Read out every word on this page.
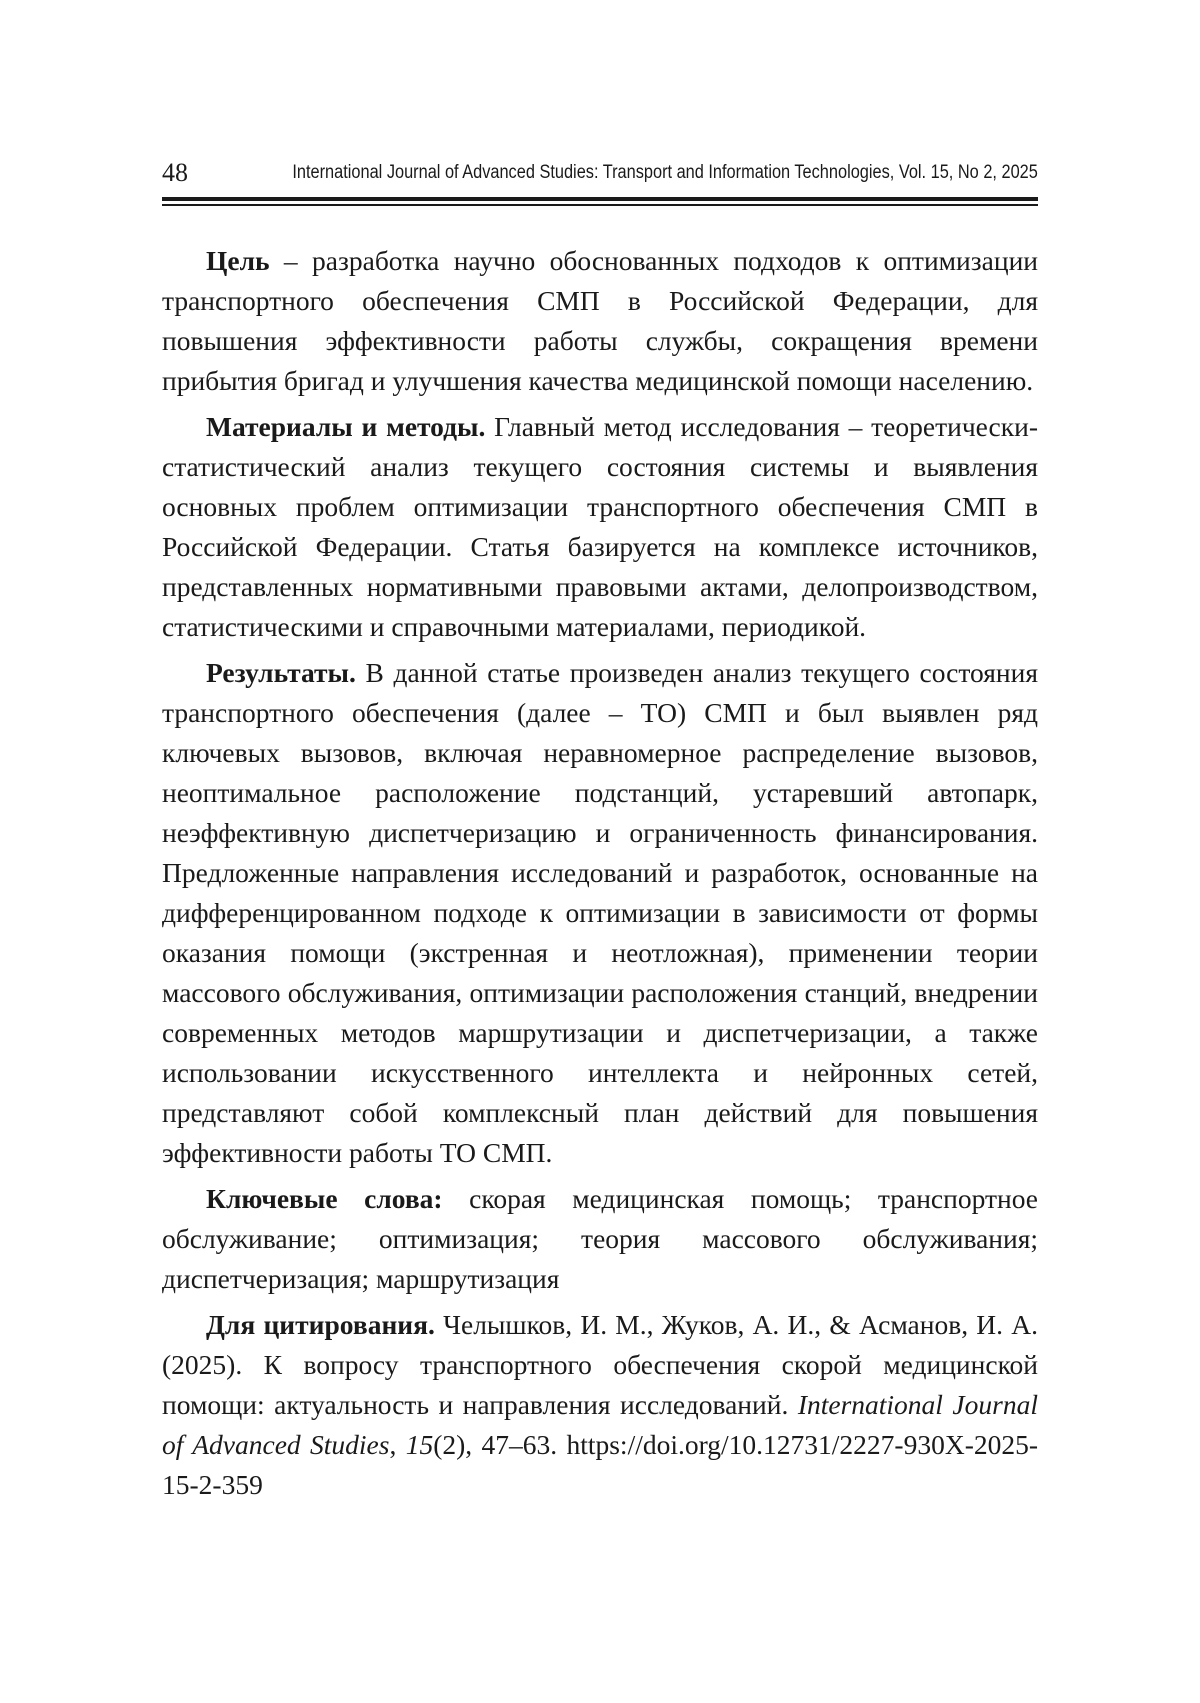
48	International Journal of Advanced Studies: Transport and Information Technologies, Vol. 15, No 2, 2025

Цель – разработка научно обоснованных подходов к оптимизации транспортного обеспечения СМП в Российской Федерации, для повышения эффективности работы службы, сокращения времени прибытия бригад и улучшения качества медицинской помощи населению.

Материалы и методы. Главный метод исследования – теоретически-статистический анализ текущего состояния системы и выявления основных проблем оптимизации транспортного обеспечения СМП в Российской Федерации. Статья базируется на комплексе источников, представленных нормативными правовыми актами, делопроизводством, статистическими и справочными материалами, периодикой.

Результаты. В данной статье произведен анализ текущего состояния транспортного обеспечения (далее – ТО) СМП и был выявлен ряд ключевых вызовов, включая неравномерное распределение вызовов, неоптимальное расположение подстанций, устаревший автопарк, неэффективную диспетчеризацию и ограниченность финансирования. Предложенные направления исследований и разработок, основанные на дифференцированном подходе к оптимизации в зависимости от формы оказания помощи (экстренная и неотложная), применении теории массового обслуживания, оптимизации расположения станций, внедрении современных методов маршрутизации и диспетчеризации, а также использовании искусственного интеллекта и нейронных сетей, представляют собой комплексный план действий для повышения эффективности работы ТО СМП.

Ключевые слова: скорая медицинская помощь; транспортное обслуживание; оптимизация; теория массового обслуживания; диспетчеризация; маршрутизация

Для цитирования. Челышков, И. М., Жуков, А. И., & Асманов, И. А. (2025). К вопросу транспортного обеспечения скорой медицинской помощи: актуальность и направления исследований. International Journal of Advanced Studies, 15(2), 47–63. https://doi.org/10.12731/2227-930X-2025-15-2-359
